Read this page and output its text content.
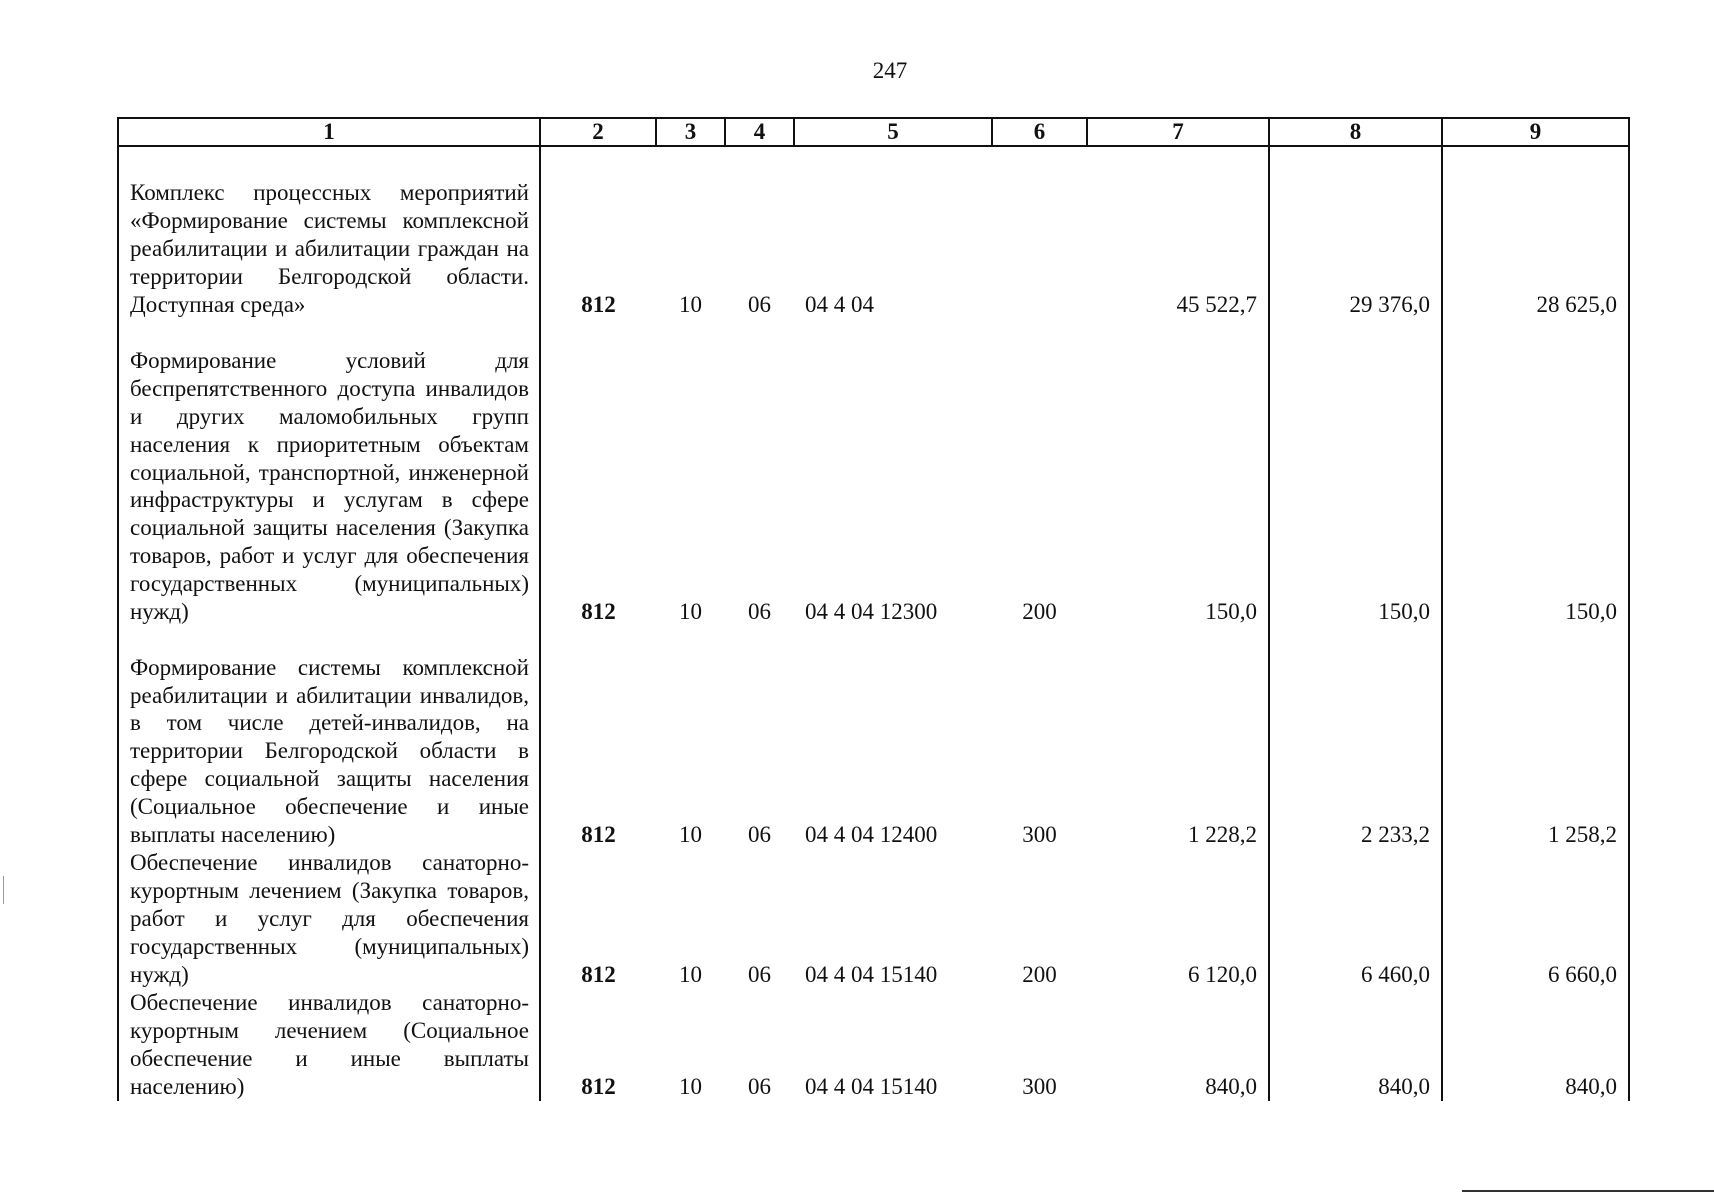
247
1	2	3	4	5	6	7	8	9
Комплекс процессных мероприятий «Формирование системы комплексной реабилитации и абилитации граждан на территории Белгородской области. Доступная среда»	812	10	06	04 4 04		45 522,7	29 376,0	28 625,0
Формирование условий для беспрепятственного доступа инвалидов и других маломобильных групп населения к приоритетным объектам социальной, транспортной, инженерной инфраструктуры и услугам в сфере социальной защиты населения (Закупка товаров, работ и услуг для обеспечения государственных (муниципальных) нужд)	812	10	06	04 4 04 12300	200	150,0	150,0	150,0
Формирование системы комплексной реабилитации и абилитации инвалидов, в том числе детей-инвалидов, на территории Белгородской области в сфере социальной защиты населения (Социальное обеспечение и иные выплаты населению)	812	10	06	04 4 04 12400	300	1 228,2	2 233,2	1 258,2
Обеспечение инвалидов санаторно-курортным лечением (Закупка товаров, работ и услуг для обеспечения государственных (муниципальных) нужд)	812	10	06	04 4 04 15140	200	6 120,0	6 460,0	6 660,0
Обеспечение инвалидов санаторно-курортным лечением (Социальное обеспечение и иные выплаты населению)	812	10	06	04 4 04 15140	300	840,0	840,0	840,0
